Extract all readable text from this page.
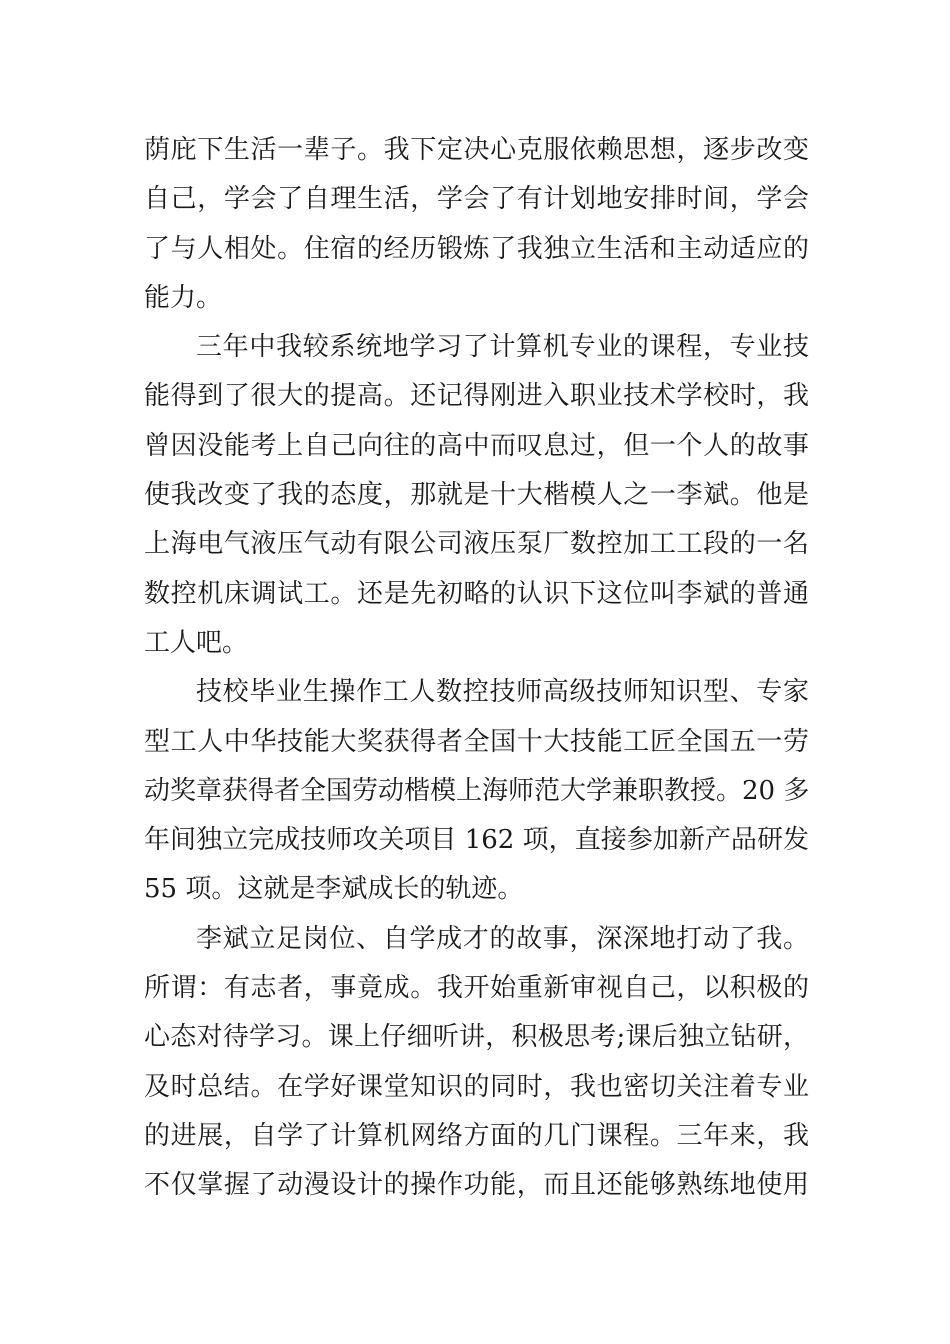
荫庇下生活一辈子。我下定决心克服依赖思想，逐步改变
自己，学会了自理生活，学会了有计划地安排时间，学会
了与人相处。住宿的经历锻炼了我独立生活和主动适应的
能力。
三年中我较系统地学习了计算机专业的课程，专业技
能得到了很大的提高。还记得刚进入职业技术学校时，我
曾因没能考上自己向往的高中而叹息过，但一个人的故事
使我改变了我的态度，那就是十大楷模人之一李斌。他是
上海电气液压气动有限公司液压泵厂数控加工工段的一名
数控机床调试工。还是先初略的认识下这位叫李斌的普通
工人吧。
技校毕业生操作工人数控技师高级技师知识型、专家
型工人中华技能大奖获得者全国十大技能工匠全国五一劳
动奖章获得者全国劳动楷模上海师范大学兼职教授。20 多
年间独立完成技师攻关项目 162 项，直接参加新产品研发
55 项。这就是李斌成长的轨迹。
李斌立足岗位、自学成才的故事，深深地打动了我。
所谓：有志者，事竟成。我开始重新审视自己，以积极的
心态对待学习。课上仔细听讲，积极思考;课后独立钻研，
及时总结。在学好课堂知识的同时，我也密切关注着专业
的进展，自学了计算机网络方面的几门课程。三年来，我
不仅掌握了动漫设计的操作功能，而且还能够熟练地使用
